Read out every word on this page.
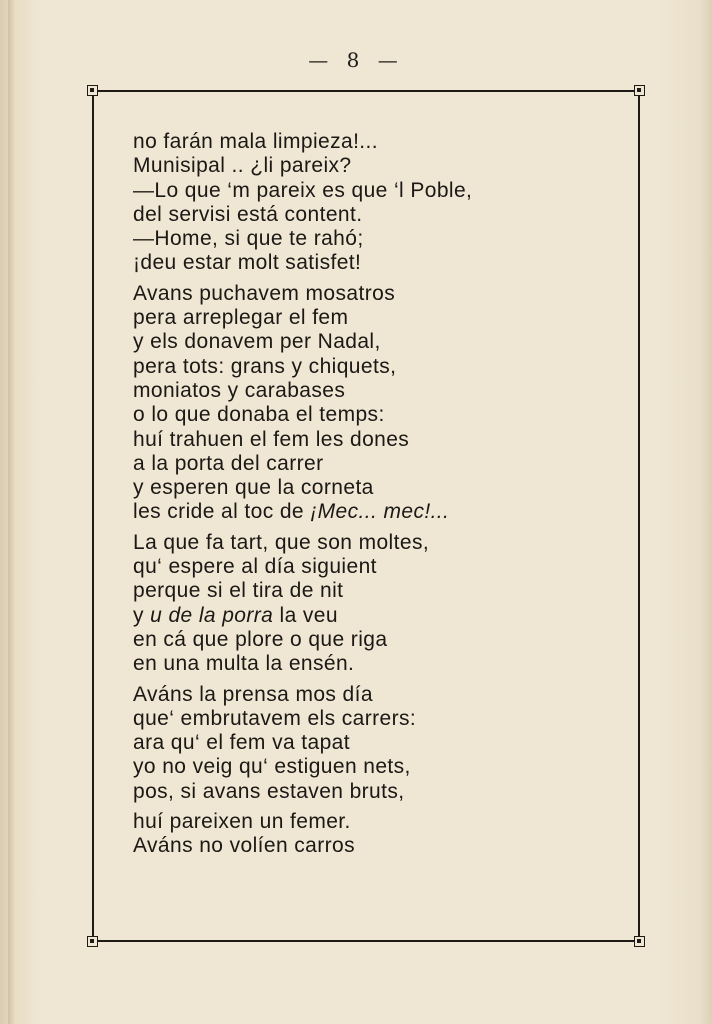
— 8 —
no farán mala limpieza!...
Munisipal .. ¿li pareix?
—Lo que ‘m pareix es que ‘l Poble,
del servisi está content.
—Home, si que te rahó;
¡deu estar molt satisfet!
Avans puchavem mosatros
pera arreplegar el fem
y els donavem per Nadal,
pera tots: grans y chiquets,
moniatos y carabases
o lo que donaba el temps:
huí trahuen el fem les dones
a la porta del carrer
y esperen que la corneta
les cride al toc de ¡Mec... mec!...
La que fa tart, que son moltes,
qu‘ espere al día siguient
perque si el tira de nit
y u de la porra la veu
en cá que plore o que riga
en una multa la ensén.
Aváns la prensa mos día
que‘ embrutavem els carrers:
ara qu‘ el fem va tapat
yo no veig qu‘ estiguen nets,
pos, si avans estaven bruts,
huí pareixen un femer.
Aváns no volíen carros
